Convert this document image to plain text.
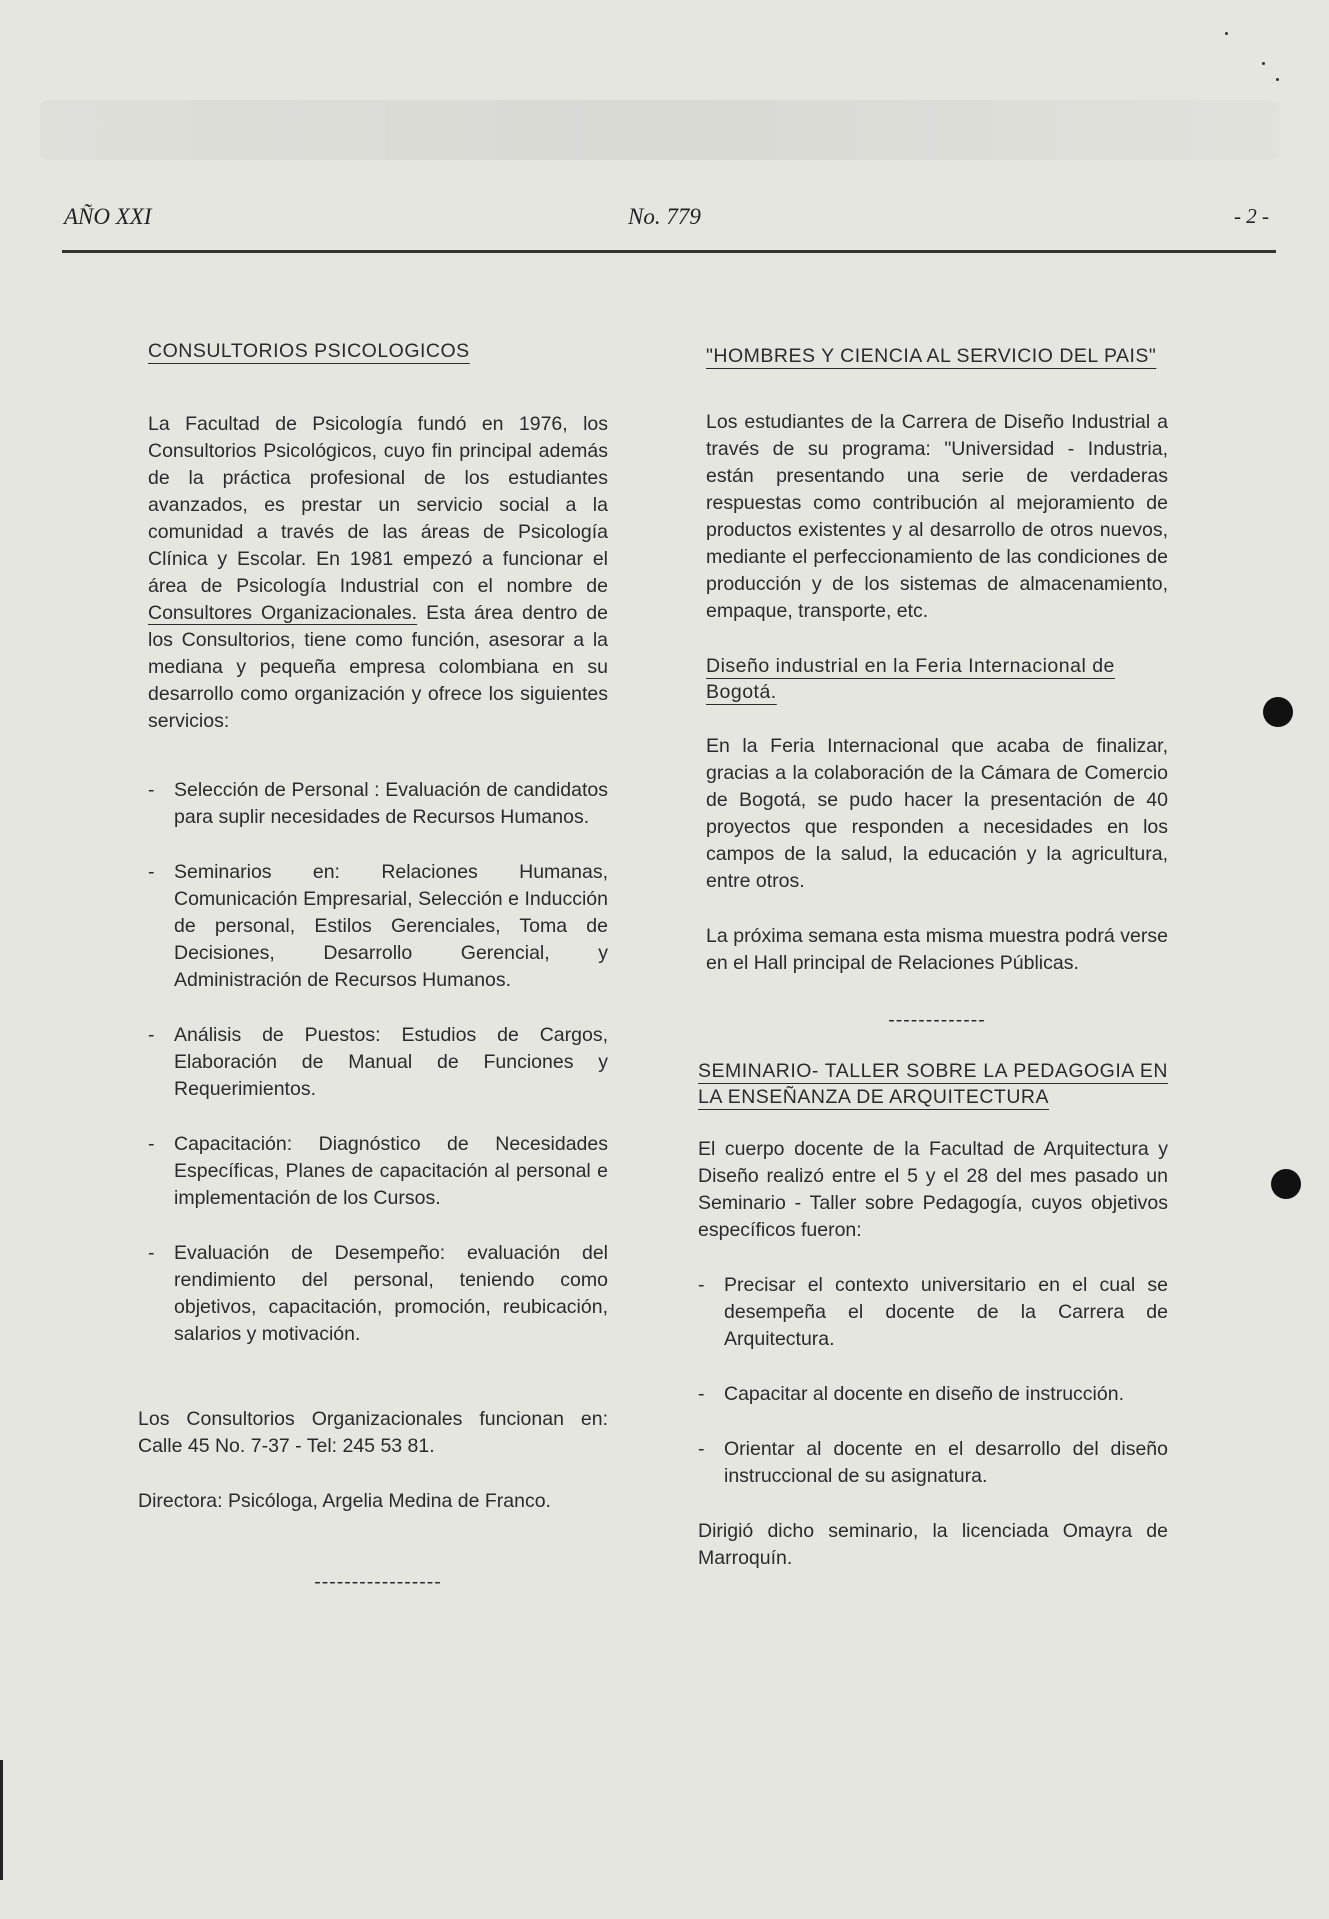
AÑO XXI	No. 779	- 2 -

CONSULTORIOS PSICOLOGICOS

La Facultad de Psicología fundó en 1976, los Consultorios Psicológicos, cuyo fin principal además de la práctica profesional de los estudiantes avanzados, es prestar un servicio social a la comunidad a través de las áreas de Psicología Clínica y Escolar. En 1981 empezó a funcionar el área de Psicología Industrial con el nombre de Consultores Organizacionales. Esta área dentro de los Consultorios, tiene como función, asesorar a la mediana y pequeña empresa colombiana en su desarrollo como organización y ofrece los siguientes servicios:

-	Selección de Personal : Evaluación de candidatos para suplir necesidades de Recursos Humanos.
-	Seminarios en: Relaciones Humanas, Comunicación Empresarial, Selección e Inducción de personal, Estilos Gerenciales, Toma de Decisiones, Desarrollo Gerencial, y Administración de Recursos Humanos.
-	Análisis de Puestos: Estudios de Cargos, Elaboración de Manual de Funciones y Requerimientos.
-	Capacitación: Diagnóstico de Necesidades Específicas, Planes de capacitación al personal e implementación de los Cursos.
-	Evaluación de Desempeño: evaluación del rendimiento del personal, teniendo como objetivos, capacitación, promoción, reubicación, salarios y motivación.

Los Consultorios Organizacionales funcionan en: Calle 45 No. 7-37 - Tel: 245 53 81.

Directora: Psicóloga, Argelia Medina de Franco.

-----------------

"HOMBRES Y CIENCIA AL SERVICIO DEL PAIS"

Los estudiantes de la Carrera de Diseño Industrial a través de su programa: "Universidad - Industria, están presentando una serie de verdaderas respuestas como contribución al mejoramiento de productos existentes y al desarrollo de otros nuevos, mediante el perfeccionamiento de las condiciones de producción y de los sistemas de almacenamiento, empaque, transporte, etc.

Diseño industrial en la Feria Internacional de Bogotá.

En la Feria Internacional que acaba de finalizar, gracias a la colaboración de la Cámara de Comercio de Bogotá, se pudo hacer la presentación de 40 proyectos que responden a necesidades en los campos de la salud, la educación y la agricultura, entre otros.

La próxima semana esta misma muestra podrá verse en el Hall principal de Relaciones Públicas.

-------------

SEMINARIO- TALLER SOBRE LA PEDAGOGIA EN LA ENSEÑANZA DE ARQUITECTURA

El cuerpo docente de la Facultad de Arquitectura y Diseño realizó entre el 5 y el 28 del mes pasado un Seminario - Taller sobre Pedagogía, cuyos objetivos específicos fueron:

-	Precisar el contexto universitario en el cual se desempeña el docente de la Carrera de Arquitectura.
-	Capacitar al docente en diseño de instrucción.
-	Orientar al docente en el desarrollo del diseño instruccional de su asignatura.

Dirigió dicho seminario, la licenciada Omayra de Marroquín.
